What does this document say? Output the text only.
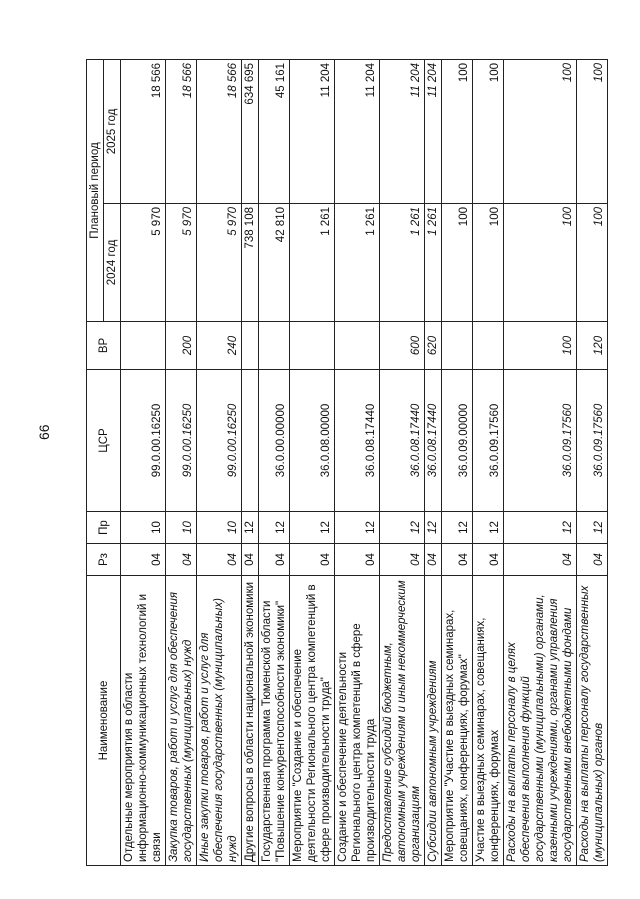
66
Наименование	Рз	Пр	ЦСР	ВР	Плановый период	
					2024 год	2025 год
Отдельные мероприятия в области информационно-коммуникационных технологий и связи	04	10	99.0.00.16250		5 970	18 566
Закупка товаров, работ и услуг для обеспечения государственных (муниципальных) нужд	04	10	99.0.00.16250	200	5 970	18 566
Иные закупки товаров, работ и услуг для обеспечения государственных (муниципальных) нужд	04	10	99.0.00.16250	240	5 970	18 566
Другие вопросы в области национальной экономики	04	12			738 108	634 695
Государственная программа Тюменской области "Повышение конкурентоспособности экономики"	04	12	36.0.00.00000		42 810	45 161
Мероприятие "Создание и обеспечение деятельности Регионального центра компетенций в сфере производительности труда"	04	12	36.0.08.00000		1 261	11 204
Создание и обеспечение деятельности Регионального центра компетенций в сфере производительности труда	04	12	36.0.08.17440		1 261	11 204
Предоставление субсидий бюджетным, автономным учреждениям и иным некоммерческим организациям	04	12	36.0.08.17440	600	1 261	11 204
Субсидии автономным учреждениям	04	12	36.0.08.17440	620	1 261	11 204
Мероприятие "Участие в выездных семинарах, совещаниях, конференциях, форумах"	04	12	36.0.09.00000		100	100
Участие в выездных семинарах, совещаниях, конференциях, форумах	04	12	36.0.09.17560		100	100
Расходы на выплаты персоналу в целях обеспечения выполнения функций государственными (муниципальными) органами, казенными учреждениями, органами управления государственными внебюджетными фондами	04	12	36.0.09.17560	100	100	100
Расходы на выплаты персоналу государственных (муниципальных) органов	04	12	36.0.09.17560	120	100	100
